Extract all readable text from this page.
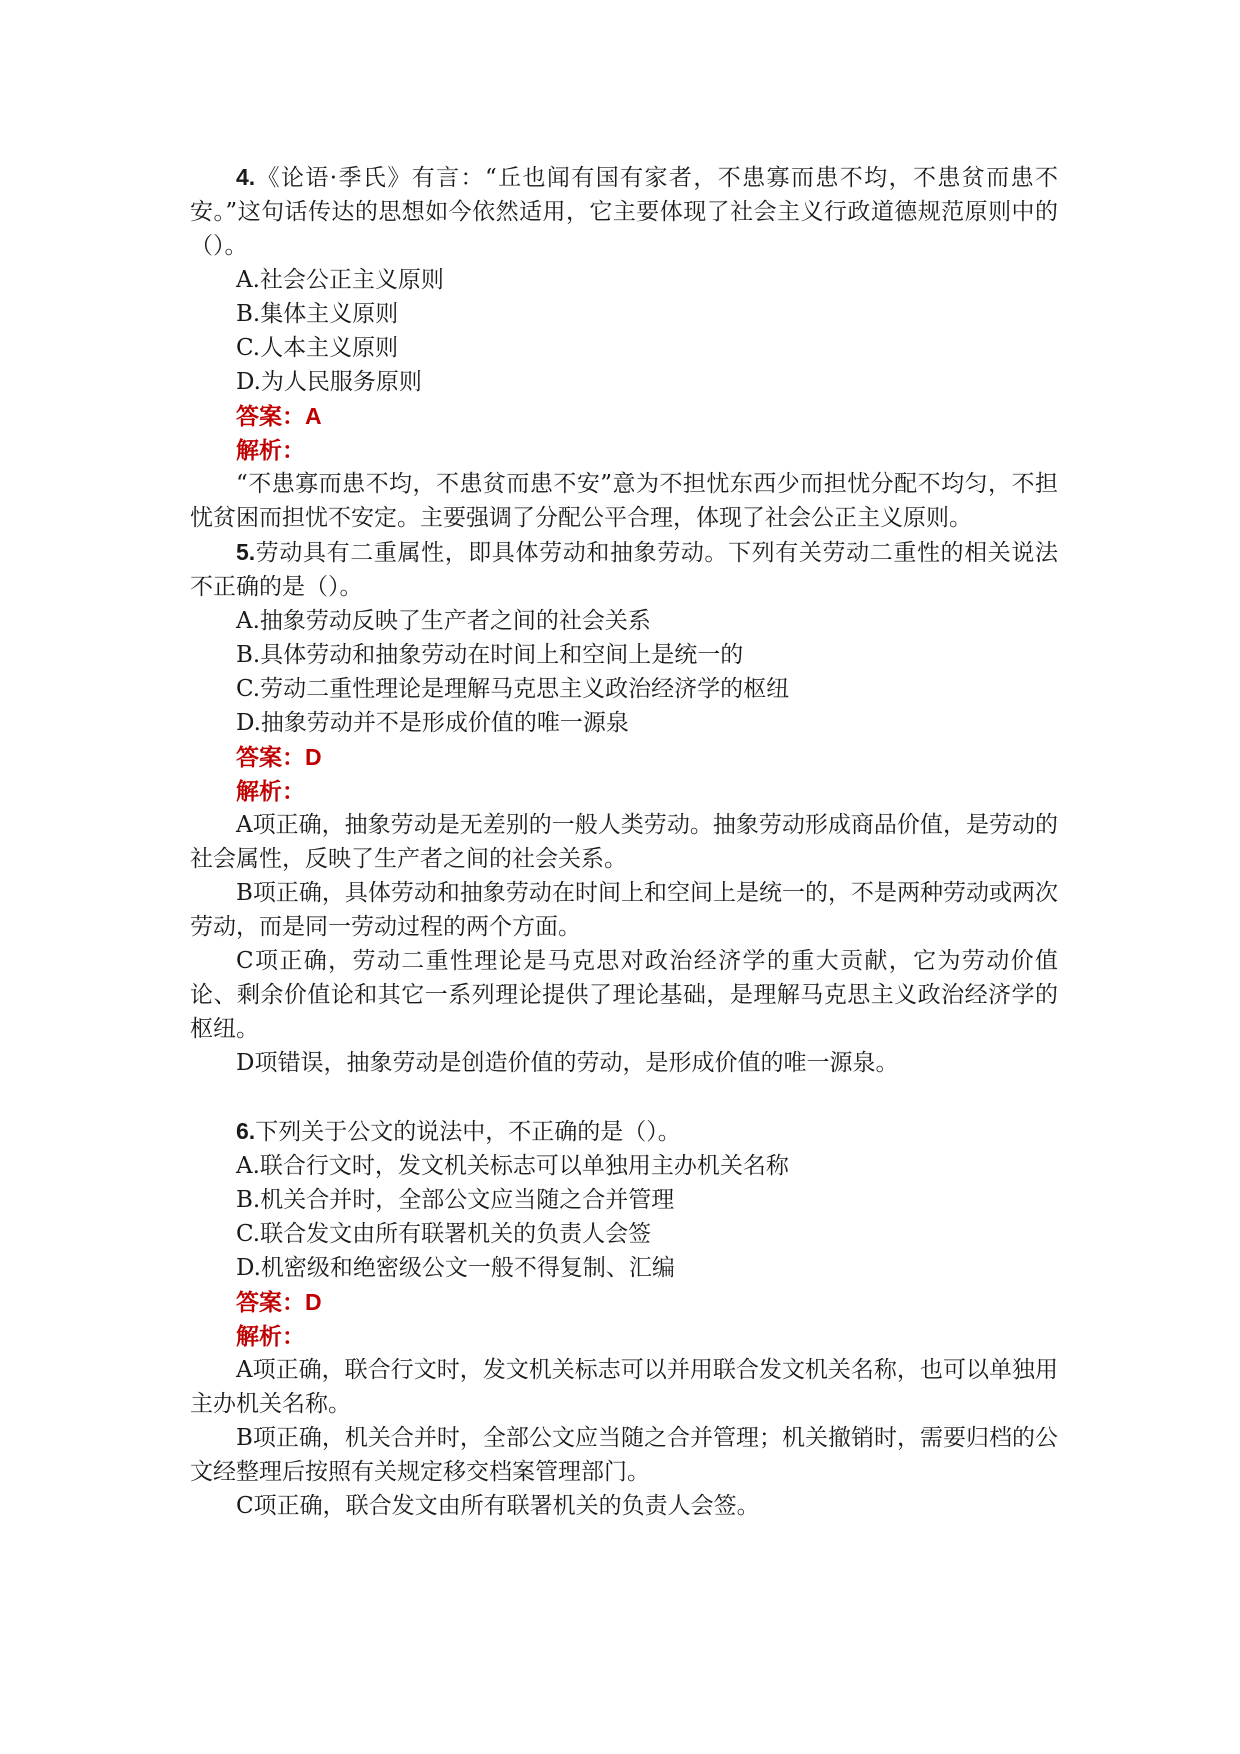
4.《论语·季氏》有言：“丘也闻有国有家者，不患寡而患不均，不患贫而患不安。”这句话传达的思想如今依然适用，它主要体现了社会主义行政道德规范原则中的（）。

A.社会公正主义原则

B.集体主义原则

C.人本主义原则

D.为人民服务原则

答案：A

解析：

“不患寡而患不均，不患贫而患不安”意为不担忧东西少而担忧分配不均匀，不担忧贫困而担忧不安定。主要强调了分配公平合理，体现了社会公正主义原则。

5.劳动具有二重属性，即具体劳动和抽象劳动。下列有关劳动二重性的相关说法不正确的是（）。

A.抽象劳动反映了生产者之间的社会关系

B.具体劳动和抽象劳动在时间上和空间上是统一的

C.劳动二重性理论是理解马克思主义政治经济学的枢纽

D.抽象劳动并不是形成价值的唯一源泉

答案：D

解析：

A项正确，抽象劳动是无差别的一般人类劳动。抽象劳动形成商品价值，是劳动的社会属性，反映了生产者之间的社会关系。

B项正确，具体劳动和抽象劳动在时间上和空间上是统一的，不是两种劳动或两次劳动，而是同一劳动过程的两个方面。

C项正确，劳动二重性理论是马克思对政治经济学的重大贡献，它为劳动价值论、剩余价值论和其它一系列理论提供了理论基础，是理解马克思主义政治经济学的枢纽。

D项错误，抽象劳动是创造价值的劳动，是形成价值的唯一源泉。

6.下列关于公文的说法中，不正确的是（）。

A.联合行文时，发文机关标志可以单独用主办机关名称

B.机关合并时，全部公文应当随之合并管理

C.联合发文由所有联署机关的负责人会签

D.机密级和绝密级公文一般不得复制、汇编

答案：D

解析：

A项正确，联合行文时，发文机关标志可以并用联合发文机关名称，也可以单独用主办机关名称。

B项正确，机关合并时，全部公文应当随之合并管理；机关撤销时，需要归档的公文经整理后按照有关规定移交档案管理部门。

C项正确，联合发文由所有联署机关的负责人会签。
